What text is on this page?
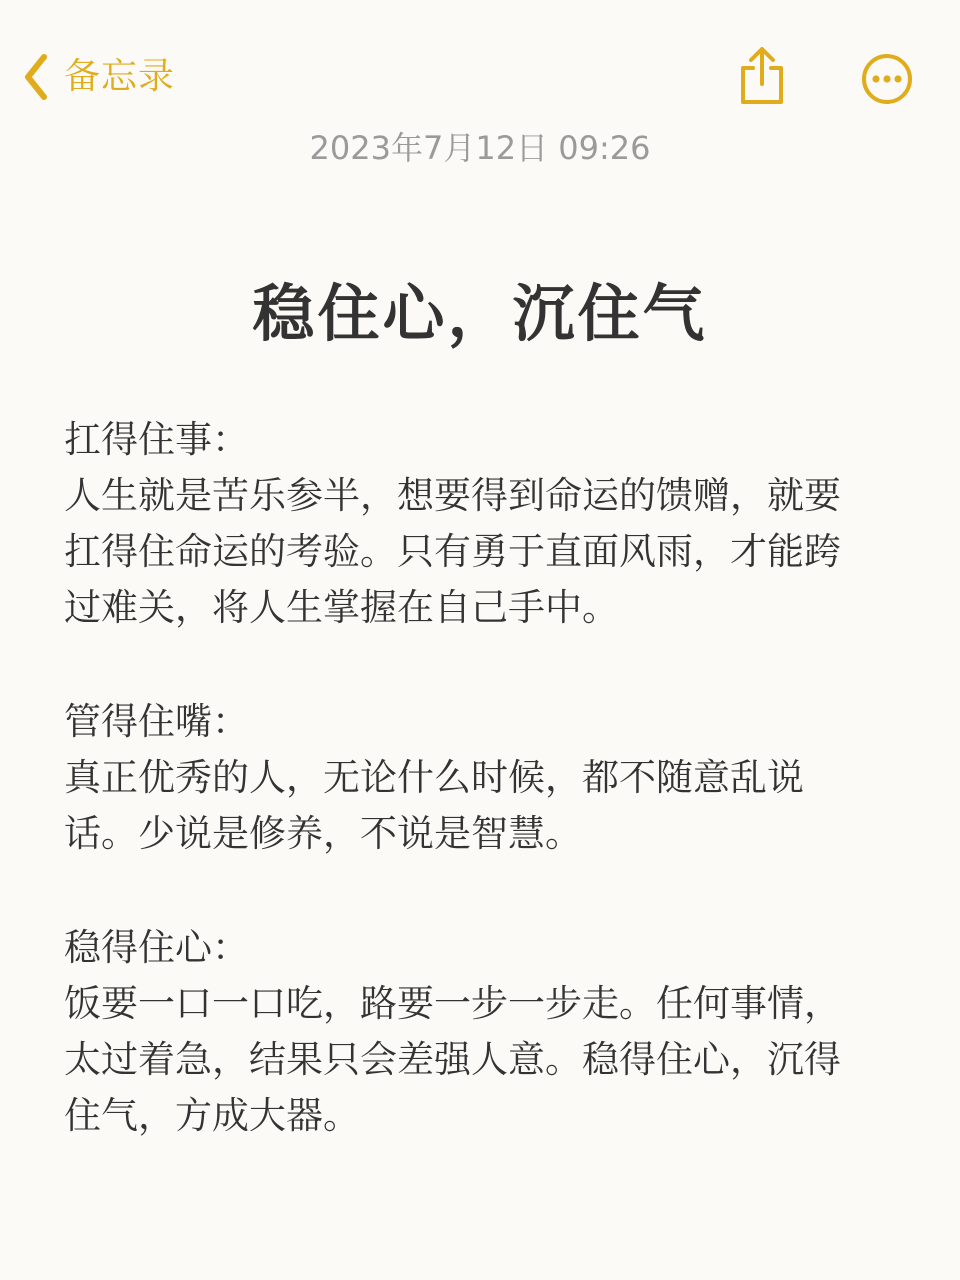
备忘录
2023年7月12日 09:26
稳住心，沉住气
扛得住事：
人生就是苦乐参半，想要得到命运的馈赠，就要
扛得住命运的考验。只有勇于直面风雨，才能跨
过难关，将人生掌握在自己手中。
管得住嘴：
真正优秀的人，无论什么时候，都不随意乱说
话。少说是修养，不说是智慧。
稳得住心：
饭要一口一口吃，路要一步一步走。任何事情，
太过着急，结果只会差强人意。稳得住心，沉得
住气，方成大器。
